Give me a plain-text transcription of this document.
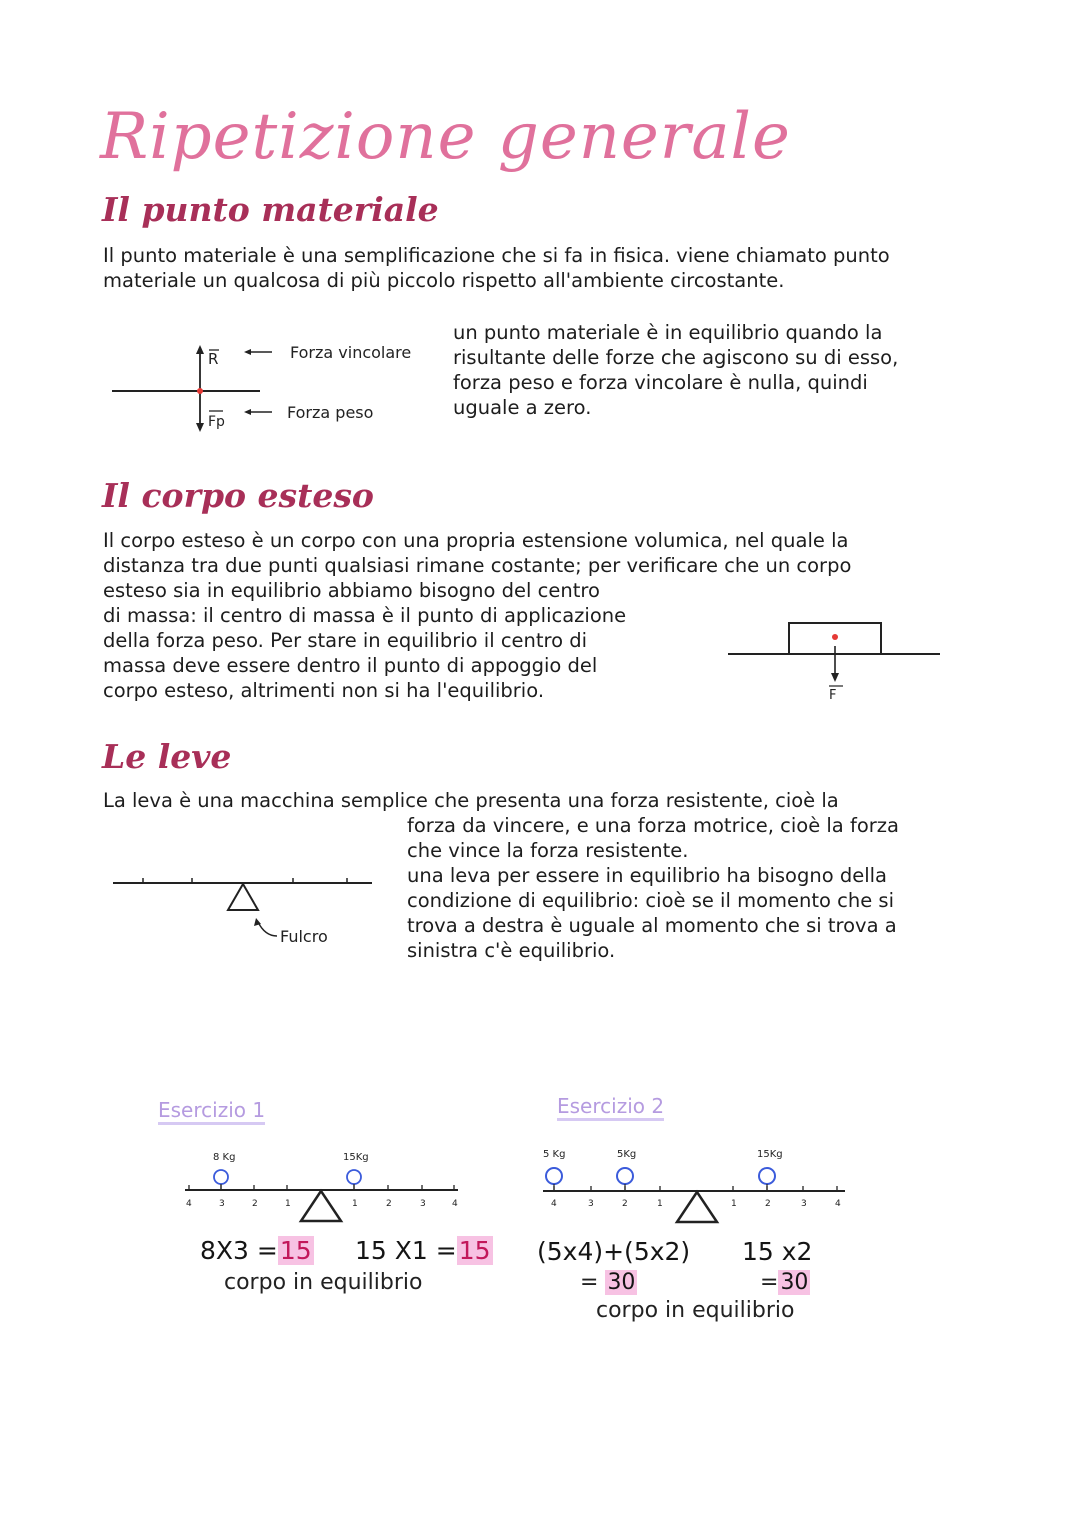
Ripetizione generale
Il punto materiale
Il punto materiale è una semplificazione che si fa in fisica. viene chiamato punto
materiale un qualcosa di più piccolo rispetto all'ambiente circostante.
R
Fp
Forza vincolare
Forza peso
un punto materiale è in equilibrio quando la
risultante delle forze che agiscono su di esso,
forza peso e forza vincolare è nulla, quindi
uguale a zero.
Il corpo esteso
Il corpo esteso è un corpo con una propria estensione volumica, nel quale la
distanza tra due punti qualsiasi rimane costante; per verificare che un corpo
esteso sia in equilibrio abbiamo bisogno del centro
di massa: il centro di massa è il punto di applicazione
della forza peso. Per stare in equilibrio il centro di
massa deve essere dentro il punto di appoggio del
corpo esteso, altrimenti non si ha l'equilibrio.	F
Le leve
La leva è una macchina semplice che presenta una forza resistente, cioè la
forza da vincere, e una forza motrice, cioè la forza
che vince la forza resistente.
una leva per essere in equilibrio ha bisogno della
condizione di equilibrio: cioè se il momento che si
trova a destra è uguale al momento che si trova a
sinistra c'è equilibrio.
Fulcro
Esercizio 1
8 Kg	15Kg
4	3	2	1	1	2	3	4
8X3 =15 15 X1 =15
corpo in equilibrio
Esercizio 2
5 Kg	5Kg	15Kg
4	3	2	1	1	2	3	4
(5x4)+(5x2) 15 x2
= 30	=30
corpo in equilibrio
